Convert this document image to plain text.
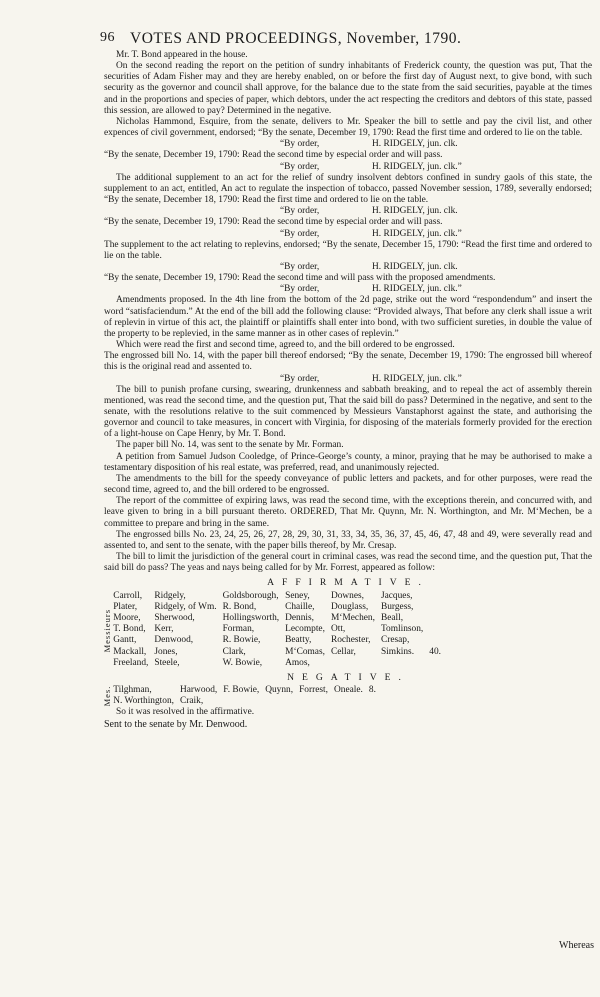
96 VOTES AND PROCEEDINGS, November, 1790.

Mr. T. Bond appeared in the house.

On the second reading the report on the petition of sundry inhabitants of Frederick county, the question was put, That the securities of Adam Fisher may and they are hereby enabled, on or before the first day of August next, to give bond, with such security as the governor and council shall approve, for the balance due to the state from the said securities, payable at the times and in the proportions and species of paper, which debtors, under the act respecting the creditors and debtors of this state, passed this session, are allowed to pay? Determined in the negative.

Nicholas Hammond, Esquire, from the senate, delivers to Mr. Speaker the bill to settle and pay the civil list, and other expences of civil government, endorsed; “By the senate, December 19, 1790: Read the first time and ordered to lie on the table.

“By order,	H. RIDGELY, jun. clk.

“By the senate, December 19, 1790: Read the second time by especial order and will pass.

“By order,	H. RIDGELY, jun. clk.”

The additional supplement to an act for the relief of sundry insolvent debtors confined in sundry gaols of this state, the supplement to an act, entitled, An act to regulate the inspection of tobacco, passed November session, 1789, severally endorsed; “By the senate, December 18, 1790: Read the first time and ordered to lie on the table.

“By order,	H. RIDGELY, jun. clk.

“By the senate, December 19, 1790: Read the second time by especial order and will pass.

“By order,	H. RIDGELY, jun. clk.”

The supplement to the act relating to replevins, endorsed; “By the senate, December 15, 1790: “Read the first time and ordered to lie on the table.

“By order,	H. RIDGELY, jun. clk.

“By the senate, December 19, 1790: Read the second time and will pass with the proposed amendments.

“By order,	H. RIDGELY, jun. clk.”

Amendments proposed. In the 4th line from the bottom of the 2d page, strike out the word “respondendum” and insert the word “satisfaciendum.” At the end of the bill add the following clause: “Provided always, That before any clerk shall issue a writ of replevin in virtue of this act, the plaintiff or plaintiffs shall enter into bond, with two sufficient sureties, in double the value of the property to be replevied, in the same manner as in other cases of replevin.”

Which were read the first and second time, agreed to, and the bill ordered to be engrossed.

The engrossed bill No. 14, with the paper bill thereof endorsed; “By the senate, December 19, 1790: The engrossed bill whereof this is the original read and assented to.

“By order,	H. RIDGELY, jun. clk.”

The bill to punish profane cursing, swearing, drunkenness and sabbath breaking, and to repeal the act of assembly therein mentioned, was read the second time, and the question put, That the said bill do pass? Determined in the negative, and sent to the senate, with the resolutions relative to the suit commenced by Messieurs Vanstaphorst against the state, and authorising the governor and council to take measures, in concert with Virginia, for disposing of the materials formerly provided for the erection of a light-house on Cape Henry, by Mr. T. Bond.

The paper bill No. 14, was sent to the senate by Mr. Forman.

A petition from Samuel Judson Cooledge, of Prince-George’s county, a minor, praying that he may be authorised to make a testamentary disposition of his real estate, was preferred, read, and unanimously rejected.

The amendments to the bill for the speedy conveyance of public letters and packets, and for other purposes, were read the second time, agreed to, and the bill ordered to be engrossed.

The report of the committee of expiring laws, was read the second time, with the exceptions therein, and concurred with, and leave given to bring in a bill pursuant thereto. ORDERED, That Mr. Quynn, Mr. N. Worthington, and Mr. M‘Mechen, be a committee to prepare and bring in the same.

The engrossed bills No. 23, 24, 25, 26, 27, 28, 29, 30, 31, 33, 34, 35, 36, 37, 45, 46, 47, 48 and 49, were severally read and assented to, and sent to the senate, with the paper bills thereof, by Mr. Cresap.

The bill to limit the jurisdiction of the general court in criminal cases, was read the second time, and the question put, That the said bill do pass? The yeas and nays being called for by Mr. Forrest, appeared as follow:

AFFIRMATIVE.
Messieurs	Carroll,	Ridgely,	Goldsborough,	Seney,	Downes,	Jacques,	
	Plater,	Ridgely, of Wm.	R. Bond,	Chaille,	Douglass,	Burgess,	
	Moore,	Sherwood,	Hollingsworth,	Dennis,	M‘Mechen,	Beall,	
	T. Bond,	Kerr,	Forman,	Lecompte,	Ott,	Tomlinson,	
	Gantt,	Denwood,	R. Bowie,	Beatty,	Rochester,	Cresap,	
	Mackall,	Jones,	Clark,	M‘Comas,	Cellar,	Simkins.	40.
	Freeland,	Steele,	W. Bowie,	Amos,			
NEGATIVE.
Mes.	Tilghman,	Harwood,	F. Bowie,	Quynn,	Forrest,	Oneale.	8.
	N. Worthington,	Craik,					

So it was resolved in the affirmative.

Sent to the senate by Mr. Denwood.

Whereas
